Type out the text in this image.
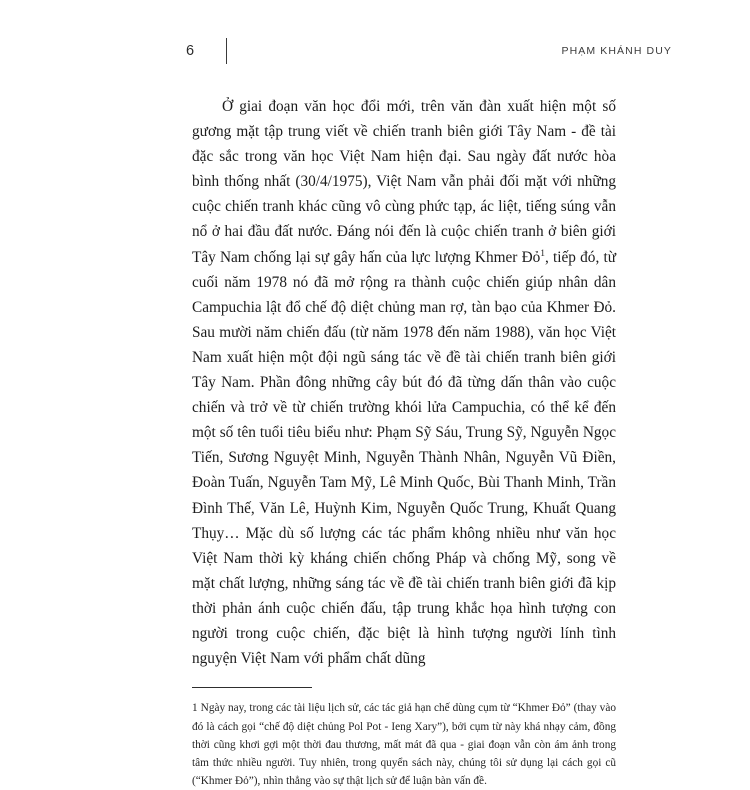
6	PHẠM KHÁNH DUY

Ở giai đoạn văn học đổi mới, trên văn đàn xuất hiện một số gương mặt tập trung viết về chiến tranh biên giới Tây Nam - đề tài đặc sắc trong văn học Việt Nam hiện đại. Sau ngày đất nước hòa bình thống nhất (30/4/1975), Việt Nam vẫn phải đối mặt với những cuộc chiến tranh khác cũng vô cùng phức tạp, ác liệt, tiếng súng vẫn nổ ở hai đầu đất nước. Đáng nói đến là cuộc chiến tranh ở biên giới Tây Nam chống lại sự gây hấn của lực lượng Khmer Đỏ$^1$, tiếp đó, từ cuối năm 1978 nó đã mở rộng ra thành cuộc chiến giúp nhân dân Campuchia lật đổ chế độ diệt chủng man rợ, tàn bạo của Khmer Đỏ. Sau mười năm chiến đấu (từ năm 1978 đến năm 1988), văn học Việt Nam xuất hiện một đội ngũ sáng tác về đề tài chiến tranh biên giới Tây Nam. Phần đông những cây bút đó đã từng dấn thân vào cuộc chiến và trở về từ chiến trường khói lửa Campuchia, có thể kể đến một số tên tuổi tiêu biểu như: Phạm Sỹ Sáu, Trung Sỹ, Nguyễn Ngọc Tiến, Sương Nguyệt Minh, Nguyễn Thành Nhân, Nguyễn Vũ Điền, Đoàn Tuấn, Nguyễn Tam Mỹ, Lê Minh Quốc, Bùi Thanh Minh, Trần Đình Thế, Văn Lê, Huỳnh Kim, Nguyễn Quốc Trung, Khuất Quang Thụy… Mặc dù số lượng các tác phẩm không nhiều như văn học Việt Nam thời kỳ kháng chiến chống Pháp và chống Mỹ, song về mặt chất lượng, những sáng tác về đề tài chiến tranh biên giới đã kịp thời phản ánh cuộc chiến đấu, tập trung khắc họa hình tượng con người trong cuộc chiến, đặc biệt là hình tượng người lính tình nguyện Việt Nam với phẩm chất dũng

1 Ngày nay, trong các tài liệu lịch sử, các tác giả hạn chế dùng cụm từ “Khmer Đỏ” (thay vào đó là cách gọi “chế độ diệt chủng Pol Pot - Ieng Xary”), bởi cụm từ này khá nhạy cảm, đồng thời cũng khơi gợi một thời đau thương, mất mát đã qua - giai đoạn vẫn còn ám ảnh trong tâm thức nhiều người. Tuy nhiên, trong quyển sách này, chúng tôi sử dụng lại cách gọi cũ (“Khmer Đỏ”), nhìn thẳng vào sự thật lịch sử để luận bàn vấn đề.
